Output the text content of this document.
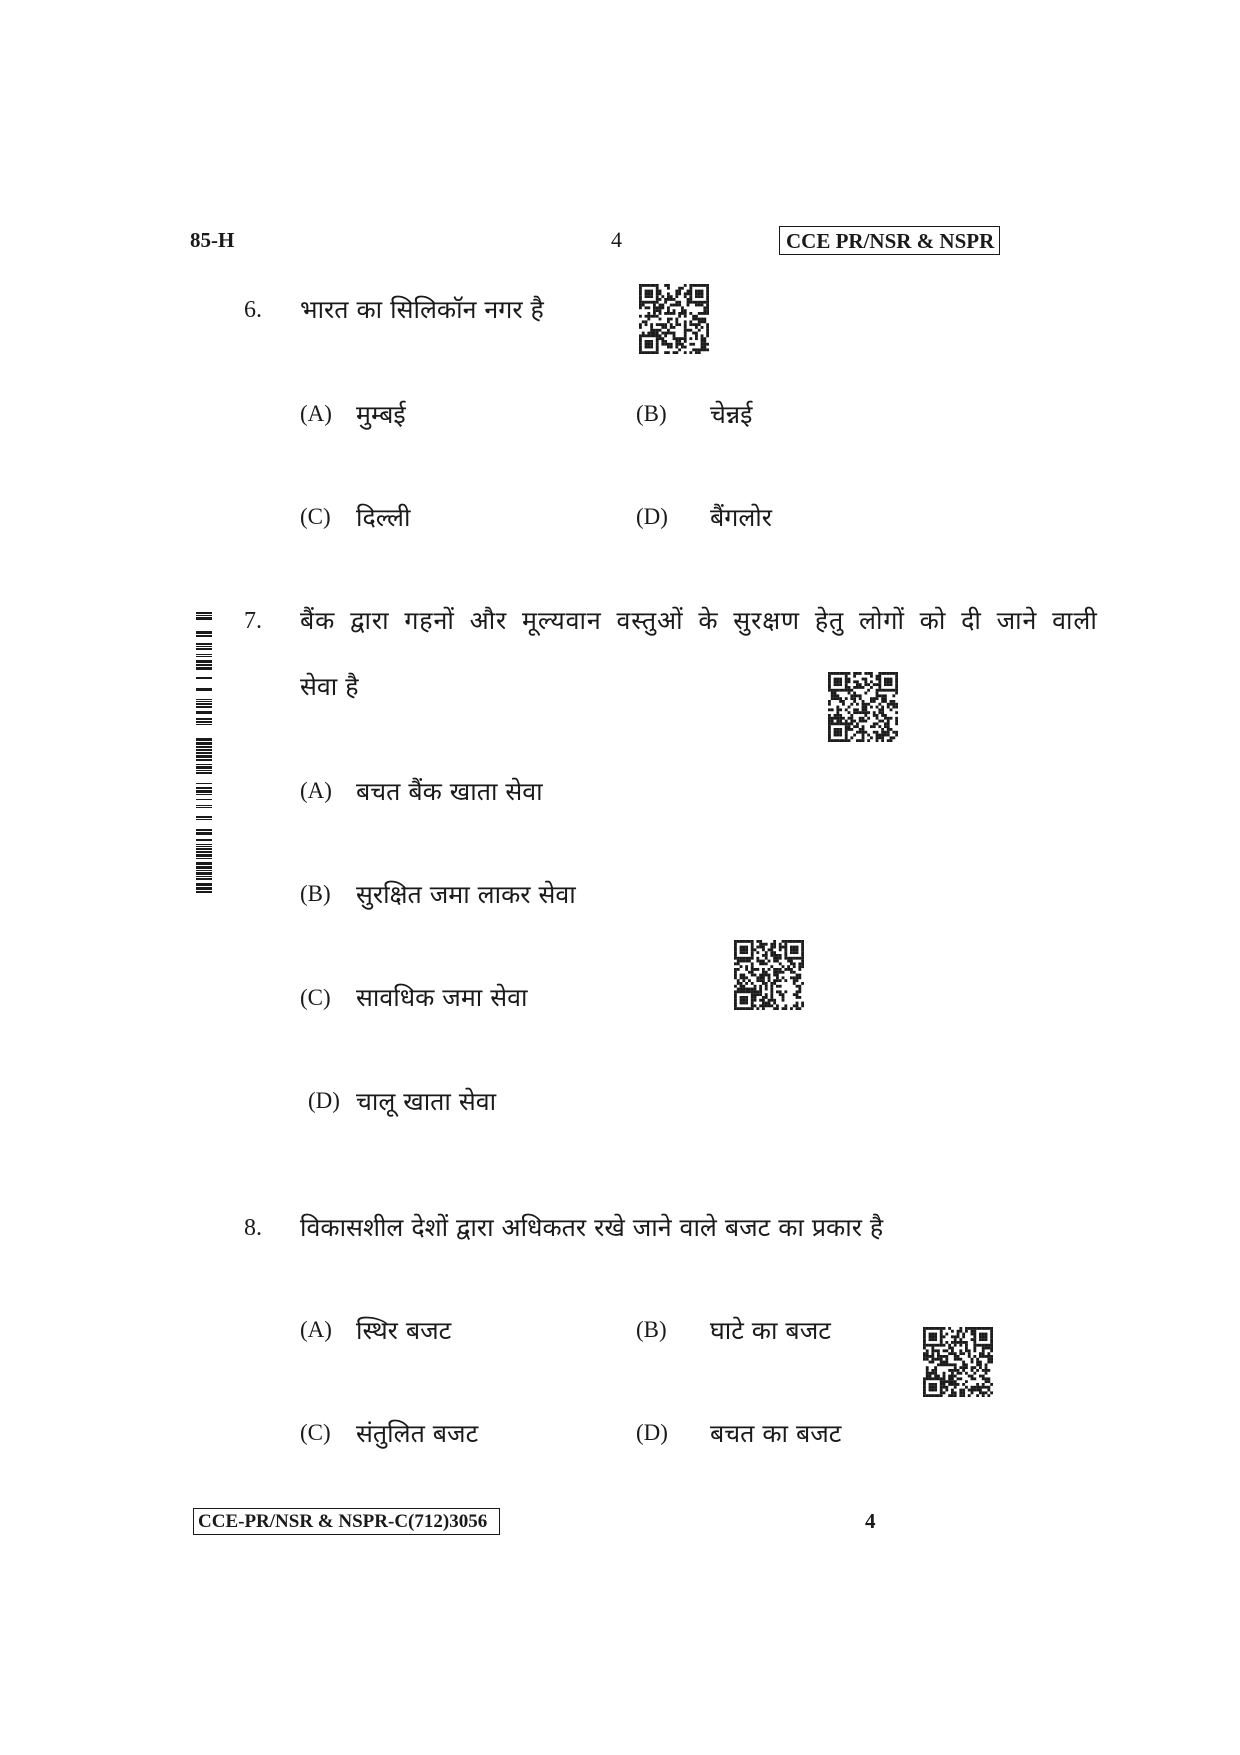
85-H	4	CCE PR/NSR & NSPR
6. भारत का सिलिकॉन नगर है
(A) मुम्बई	(B) चेन्नई
(C) दिल्ली	(D) बैंगलोर
7. बैंक द्वारा गहनों और मूल्यवान वस्तुओं के सुरक्षण हेतु लोगों को दी जाने वाली
सेवा है
(A) बचत बैंक खाता सेवा
(B) सुरक्षित जमा लाकर सेवा
(C) सावधिक जमा सेवा
(D) चालू खाता सेवा
8. विकासशील देशों द्वारा अधिकतर रखे जाने वाले बजट का प्रकार है
(A) स्थिर बजट	(B) घाटे का बजट
(C) संतुलित बजट	(D) बचत का बजट
CCE-PR/NSR & NSPR-C(712)3056	4
